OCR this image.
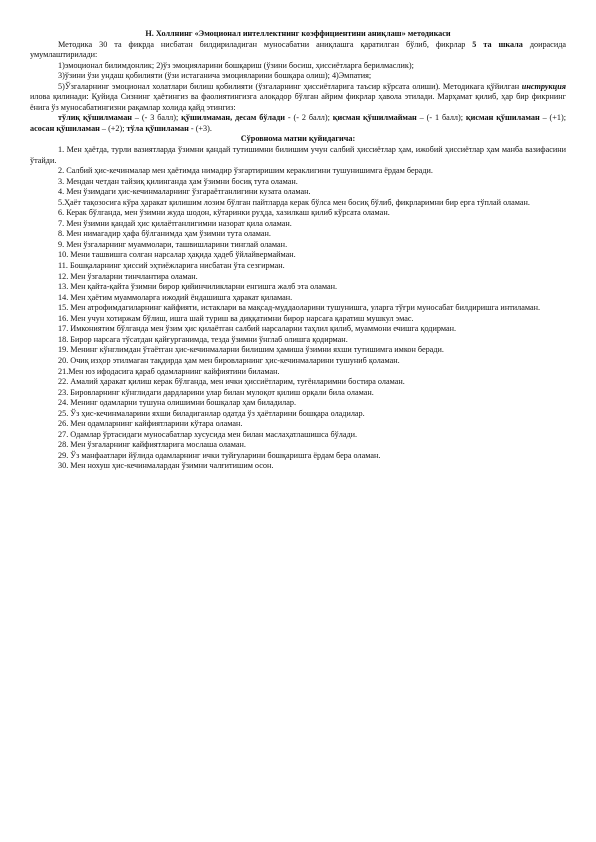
Н. Холлнинг «Эмоционал интеллектнинг коэффициентини аниқлаш» методикаси

Методика 30 та фикрда нисбатан билдириладиган муносабатни аниқлашга қаратилган бўлиб, фикрлар 5 та шкала доирасида умумлаштирилади:

1)эмоционал билимдонлик; 2)ўз эмоцияларини бошқариш (ўзини босиш, ҳиссиётларга берилмаслик);

3)ўзини ўзи ундаш қобилияти (ўзи истаганича эмоцияларини бошқара олиш); 4)Эмпатия;

5)Ўзгаларнинг эмоционал холатлари билиш қобилияти (ўзгаларнинг ҳиссиётларига таъсир кўрсата олиши). Методикага қўйилган инструкция илова қилинади: Қуйида Сизнинг ҳаётингиз ва фаолиятингизга алоқадор бўлган айрим фикрлар ҳавола этилади. Марҳамат қилиб, ҳар бир фикрнинг ёнига ўз муносабатингизни рақамлар холида қайд этингиз:

тўлиқ қўшилмаман – (- 3 балл); қўшилмаман, десам бўлади - (- 2 балл); қисман қўшилмайман – (- 1 балл); қисман қўшиламан – (+1); асосан қўшиламан – (+2); тўла қўшиламан - (+3).

Сўровнома матни қуйидагича:
1. Мен ҳаётда, турли вазиятларда ўзимни қандай тутишимни билишим учун салбий ҳиссиётлар ҳам, ижобий ҳиссиётлар ҳам манба вазифасини ўтайди.
2. Салбий ҳис-кечинмалар мен ҳаётимда нимадир ўзгартиришим кераклигини тушунишимга ёрдам беради.
3. Мендан четдан тайзиқ қилинганда ҳам ўзимни босиқ тута оламан.
4. Мен ўзимдаги ҳис-кечинмаларнинг ўзгараётганлигини кузата оламан.
5.Ҳаёт тақозосига кўра ҳаракат қилишим лозим бўлган пайтларда керак бўлса мен босиқ бўлиб, фикрларимни бир ерга тўплай оламан.
6. Керак бўлганда, мен ўзимни жуда шодон, кўтаринки руҳда, хазилкаш қилиб кўрсата оламан.
7. Мен ўзимни қандай ҳис қилаётганлигимни назорат қила оламан.
8. Мен нимагадир ҳафа бўлганимда ҳам ўзимни тута оламан.
9. Мен ўзгаларнинг муаммолари, ташвишларини тинглай оламан.
10. Мени ташвишга солган нарсалар ҳақида ҳадеб ўйлайвермайман.
11. Бошқаларнинг ҳиссий эҳтиёжларига нисбатан ўта сезгирман.
12. Мен ўзгаларни тинчлантира оламан.
13. Мен қайта-қайта ўзимни бирор қийинчиликларни енгишга жалб эта оламан.
14. Мен ҳаётим муаммоларга ижодий ёндашишга ҳаракат қиламан.
15. Мен атрофимдагиларнинг кайфияти, истаклари ва мақсад-муддаоларини тушунишга, уларга тўғри муносабат билдиришга интиламан.
16. Мен учун хотиржам бўлиш, ишга шай туриш ва диққатимни бирор нарсага қаратиш мушкул эмас.
17. Имкониятим бўлганда мен ўзим ҳис қилаётган салбий нарсаларни таҳлил қилиб, муаммони ечишга қодирман.
18. Бирор нарсага тўсатдан қайғурганимда, тезда ўзимни ўнглаб олишга қодирман.
19. Менинг кўнглимдан ўтаётган ҳис-кечинмаларни билишим ҳамиша ўзимни яхши тутишимга имкон беради.
20. Очиқ изҳор этилмаган тақдирда ҳам мен бировларнинг ҳис-кечинмаларини тушуниб қоламан.
21.Мен юз ифодасига қараб одамларнинг кайфиятини биламан.
22. Амалий ҳаракат қилиш керак бўлганда, мен ички ҳиссиётларим, туғёнларимни бостира оламан.
23. Бировларнинг кўнглидаги дардларини улар билан мулоқот қилиш орқали била оламан.
24. Менинг одамларни тушуна олишимни бошқалар ҳам биладилар.
25. Ўз ҳис-кечинмаларини яхши биладиганлар одатда ўз ҳаётларини бошқара оладилар.
26. Мен одамларнинг кайфиятларини кўтара оламан.
27. Одамлар ўртасидаги муносабатлар хусусида мен билан маслаҳатлашишса бўлади.
28. Мен ўзгаларнинг кайфиятларига мослаша оламан.
29. Ўз манфаатлари йўлида одамларнинг ички туйғуларини бошқаришга ёрдам бера оламан.
30. Мен нохуш ҳис-кечинмалардан ўзимни чалғитишим осон.
